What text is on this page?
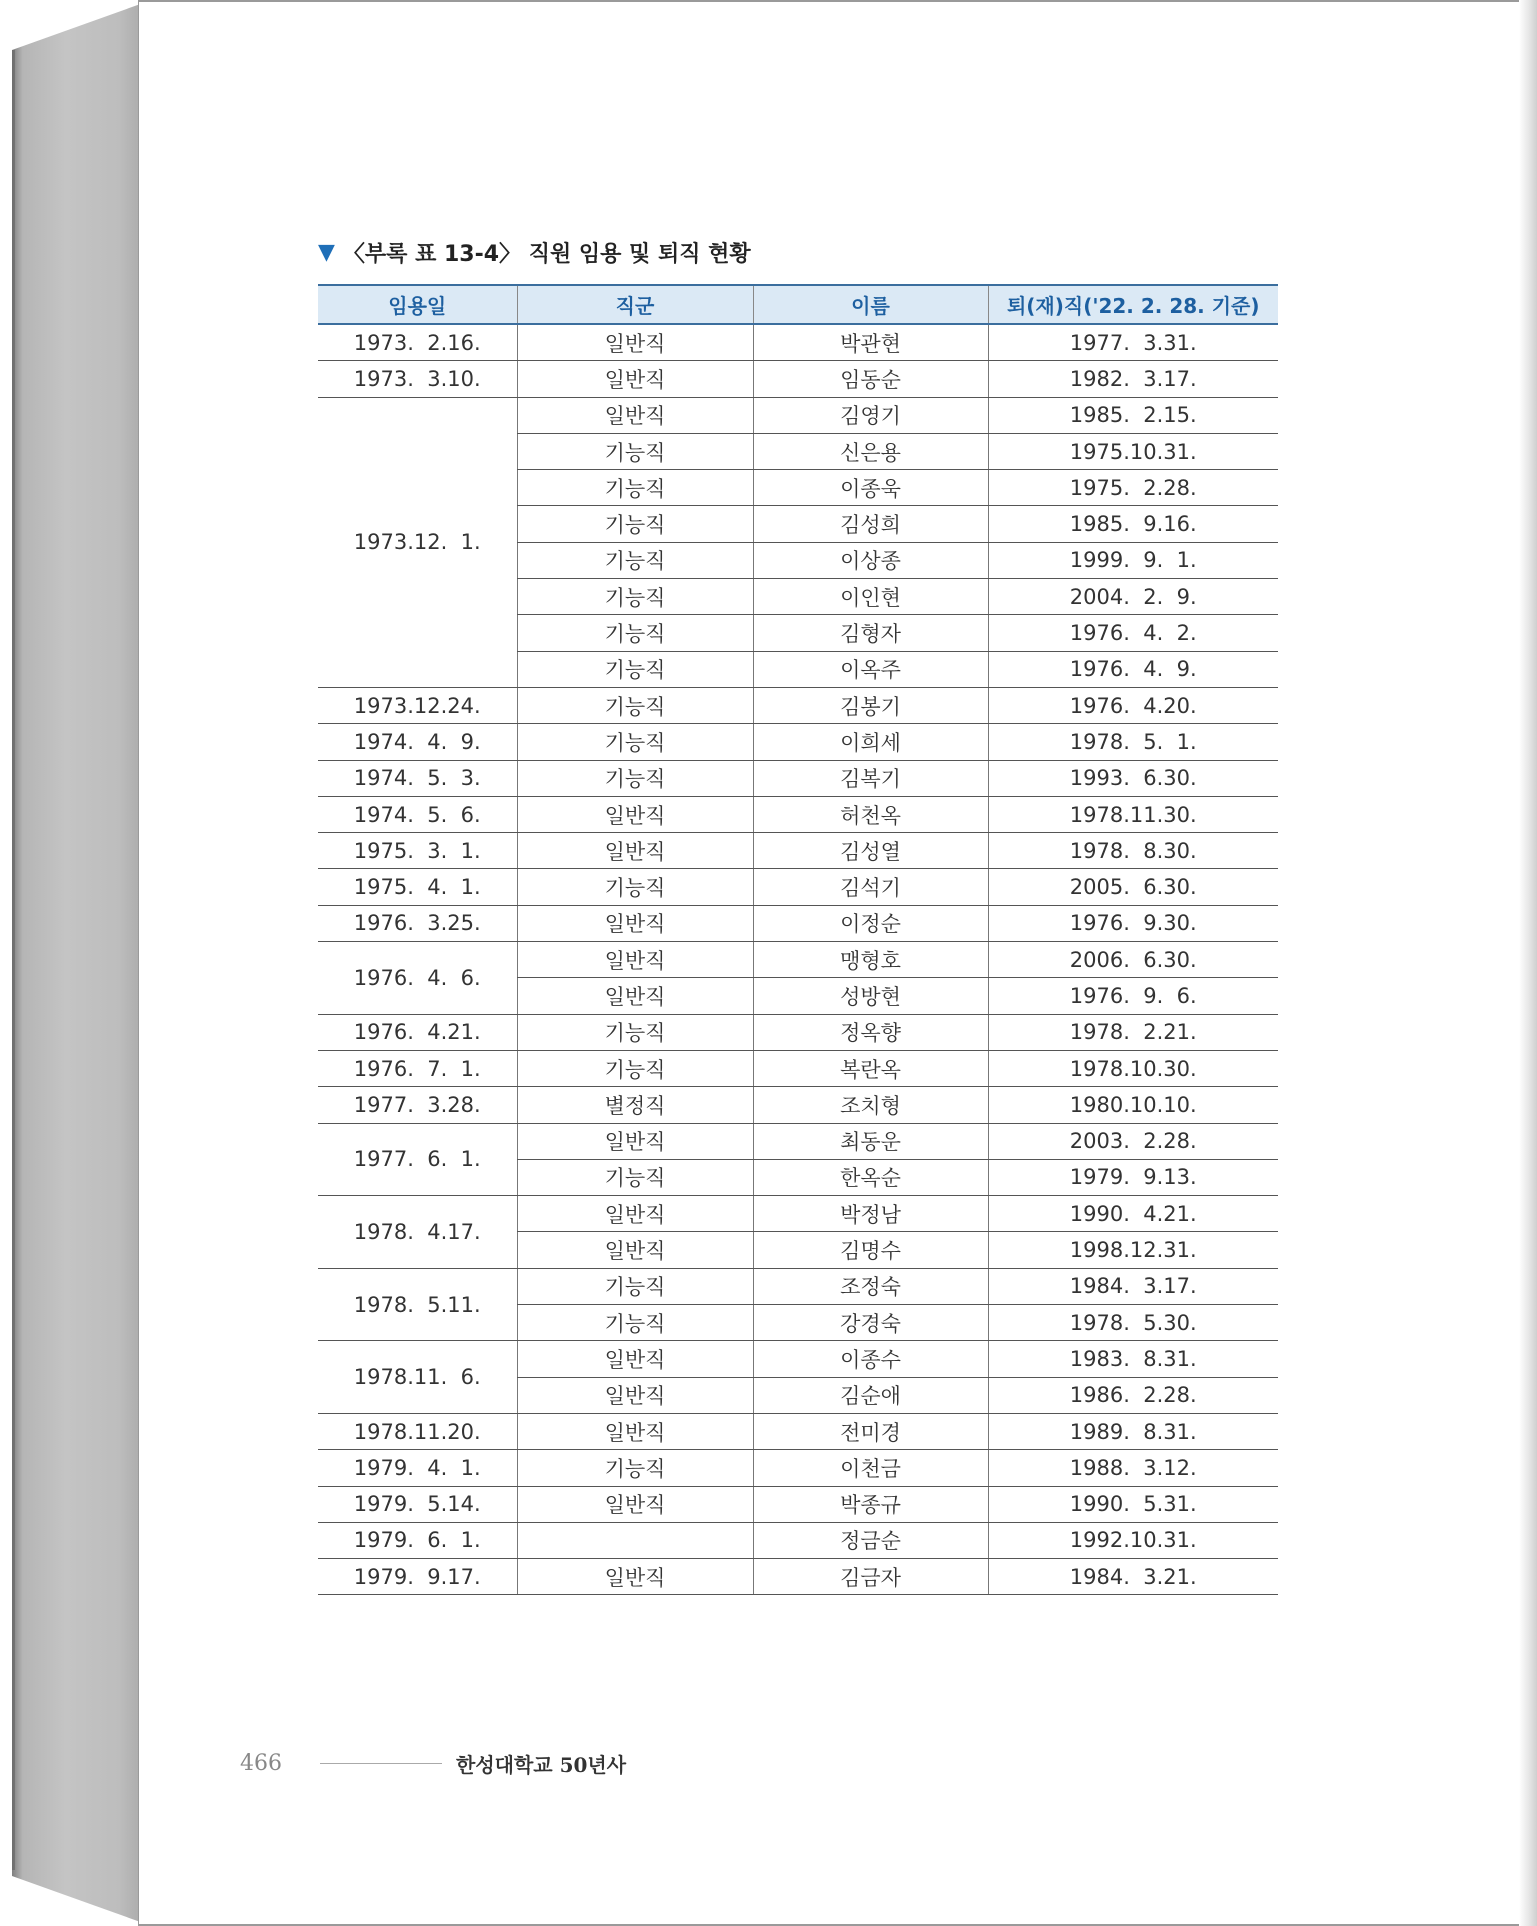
▼ 〈부록 표 13-4〉 직원 임용 및 퇴직 현황
임용일	직군	이름	퇴(재)직('22. 2. 28. 기준)
1973.  2.16.	일반직	박관현	1977.  3.31.
1973.  3.10.	일반직	임동순	1982.  3.17.
1973.12.  1.	일반직	김영기	1985.  2.15.
	기능직	신은용	1975.10.31.
	기능직	이종욱	1975.  2.28.
	기능직	김성희	1985.  9.16.
	기능직	이상종	1999.  9.  1.
	기능직	이인현	2004.  2.  9.
	기능직	김형자	1976.  4.  2.
	기능직	이옥주	1976.  4.  9.
1973.12.24.	기능직	김봉기	1976.  4.20.
1974.  4.  9.	기능직	이희세	1978.  5.  1.
1974.  5.  3.	기능직	김복기	1993.  6.30.
1974.  5.  6.	일반직	허천옥	1978.11.30.
1975.  3.  1.	일반직	김성열	1978.  8.30.
1975.  4.  1.	기능직	김석기	2005.  6.30.
1976.  3.25.	일반직	이정순	1976.  9.30.
1976.  4.  6.	일반직	맹형호	2006.  6.30.
	일반직	성방현	1976.  9.  6.
1976.  4.21.	기능직	정옥향	1978.  2.21.
1976.  7.  1.	기능직	복란옥	1978.10.30.
1977.  3.28.	별정직	조치형	1980.10.10.
1977.  6.  1.	일반직	최동운	2003.  2.28.
	기능직	한옥순	1979.  9.13.
1978.  4.17.	일반직	박정남	1990.  4.21.
	일반직	김명수	1998.12.31.
1978.  5.11.	기능직	조정숙	1984.  3.17.
	기능직	강경숙	1978.  5.30.
1978.11.  6.	일반직	이종수	1983.  8.31.
	일반직	김순애	1986.  2.28.
1978.11.20.	일반직	전미경	1989.  8.31.
1979.  4.  1.	기능직	이천금	1988.  3.12.
1979.  5.14.	일반직	박종규	1990.  5.31.
1979.  6.  1.		정금순	1992.10.31.
1979.  9.17.	일반직	김금자	1984.  3.21.
466	한성대학교 50년사
